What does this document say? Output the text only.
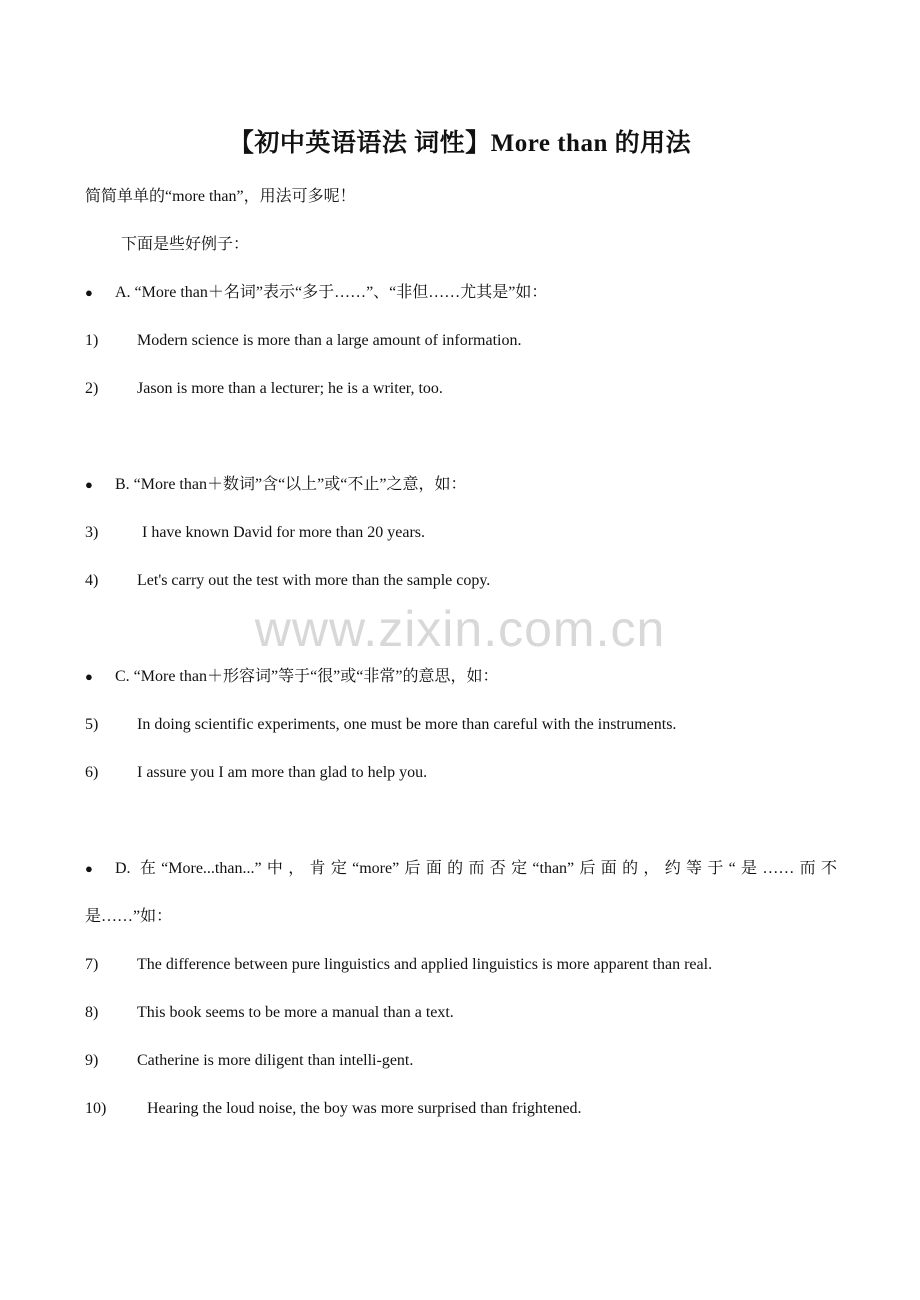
【初中英语语法 词性】More than 的用法
简简单单的“more than”，用法可多呢！
下面是些好例子：
● A. “More than＋名词”表示“多于……”、“非但……尤其是”如：
1) Modern science is more than a large amount of information.
2) Jason is more than a lecturer; he is a writer, too.
● B. “More than＋数词”含“以上”或“不止”之意，如：
3)	I have known David for more than 20 years.
4) Let's carry out the test with more than the sample copy.
www.zixin.com.cn
● C. “More than＋形容词”等于“很”或“非常”的意思，如：
5) In doing scientific experiments, one must be more than careful with the instruments.
6) I assure you I am more than glad to help you.
● D. 在“More...than...”中，肯定“more”后面的而否定“than”后面的，约等于“是……而不
是……”如：
7) The difference between pure linguistics and applied linguistics is more apparent than real.
8) This book seems to be more a manual than a text.
9) Catherine is more diligent than intelli-gent.
10)	Hearing the loud noise, the boy was more surprised than frightened.
